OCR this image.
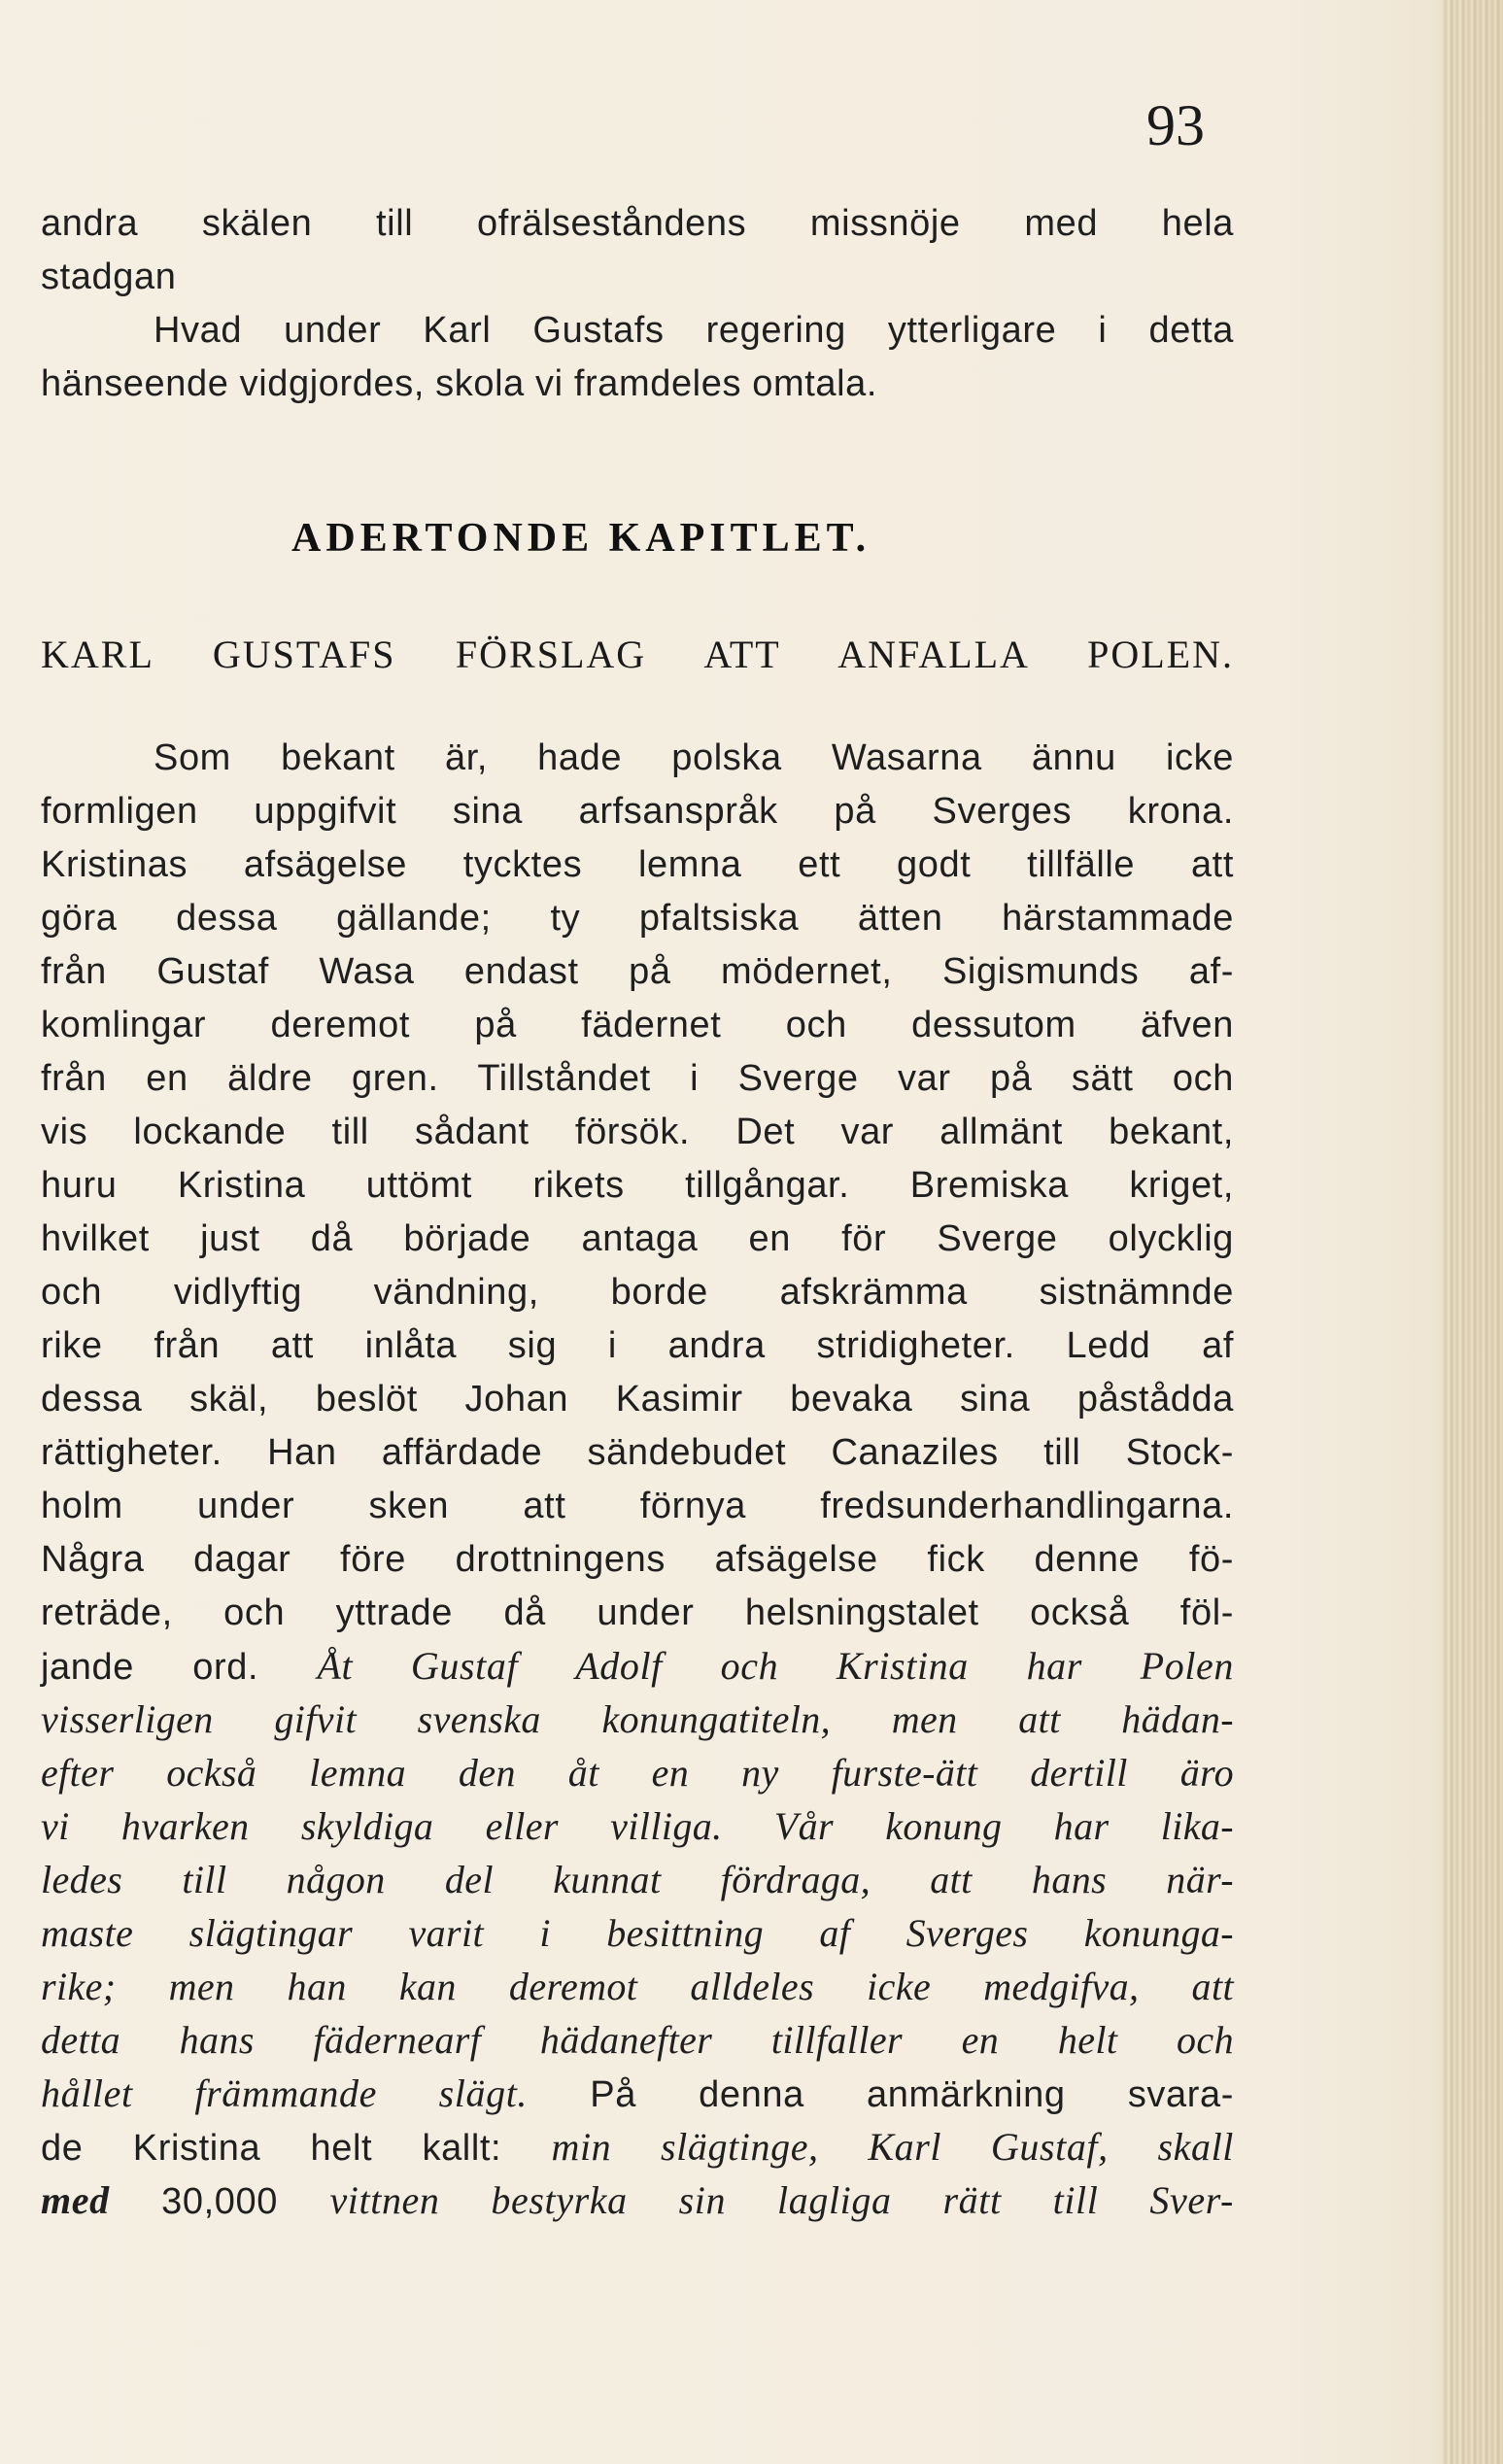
93
andra skälen till ofrälseståndens missnöje med hela
stadgan
Hvad under Karl Gustafs regering ytterligare i detta
hänseende vidgjordes, skola vi framdeles omtala.
ADERTONDE KAPITLET.
KARL GUSTAFS FÖRSLAG ATT ANFALLA POLEN.
Som bekant är, hade polska Wasarna ännu icke
formligen uppgifvit sina arfsanspråk på Sverges krona.
Kristinas afsägelse tycktes lemna ett godt tillfälle att
göra dessa gällande; ty pfaltsiska ätten härstammade
från Gustaf Wasa endast på mödernet, Sigismunds af-
komlingar deremot på fädernet och dessutom äfven
från en äldre gren. Tillståndet i Sverge var på sätt och
vis lockande till sådant försök. Det var allmänt bekant,
huru Kristina uttömt rikets tillgångar. Bremiska kriget,
hvilket just då började antaga en för Sverge olycklig
och vidlyftig vändning, borde afskrämma sistnämnde
rike från att inlåta sig i andra stridigheter. Ledd af
dessa skäl, beslöt Johan Kasimir bevaka sina påstådda
rättigheter. Han affärdade sändebudet Canaziles till Stock-
holm under sken att förnya fredsunderhandlingarna.
Några dagar före drottningens afsägelse fick denne fö-
reträde, och yttrade då under helsningstalet också föl-
jande ord. Åt Gustaf Adolf och Kristina har Polen
visserligen gifvit svenska konungatiteln, men att hädan-
efter också lemna den åt en ny furste-ätt dertill äro
vi hvarken skyldiga eller villiga. Vår konung har lika-
ledes till någon del kunnat fördraga, att hans när-
maste slägtingar varit i besittning af Sverges konunga-
rike; men han kan deremot alldeles icke medgifva, att
detta hans fädernearf hädanefter tillfaller en helt och
hållet främmande slägt. På denna anmärkning svara-
de Kristina helt kallt: min slägtinge, Karl Gustaf, skall
med 30,000 vittnen bestyrka sin lagliga rätt till Sver-
